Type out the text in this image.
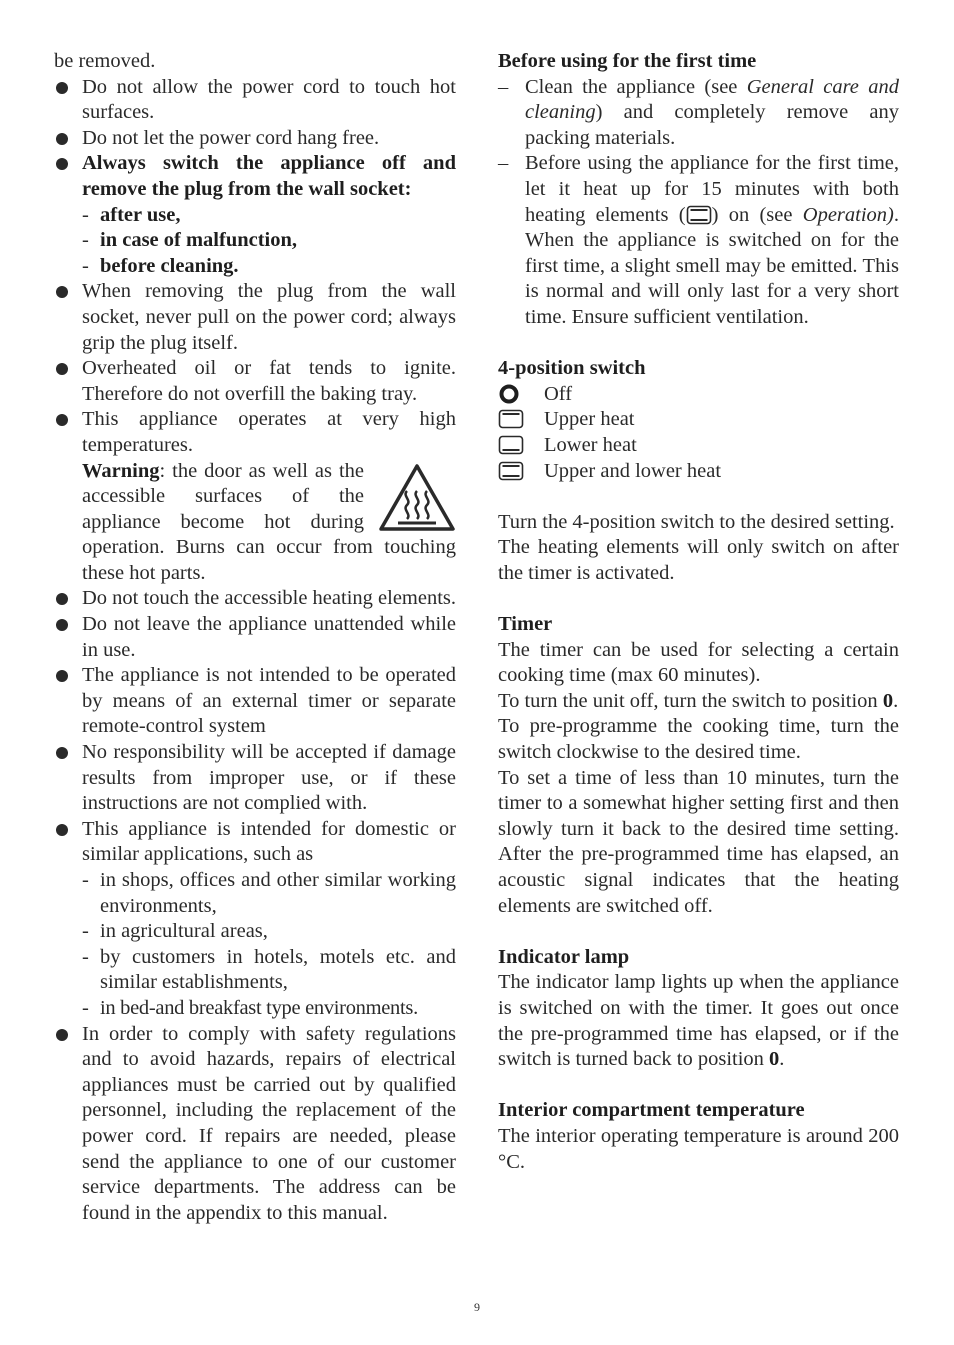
be removed.

Do not allow the power cord to touch hot surfaces.
Do not let the power cord hang free.
Always switch the appliance off and remove the plug from the wall socket:
- after use,
- in case of malfunction,
- before cleaning.
When removing the plug from the wall socket, never pull on the power cord; always grip the plug itself.
Overheated oil or fat tends to ignite. Therefore do not overfill the baking tray.
This appliance operates at very high temperatures.

Warning: the door as well as the accessible surfaces of the appliance become hot during operation. Burns can occur from touching these hot parts.

Do not touch the accessible heating elements.
Do not leave the appliance unattended while in use.
The appliance is not intended to be operated by means of an external timer or separate remote-control system
No responsibility will be accepted if damage results from improper use, or if these instructions are not complied with.
This appliance is intended for domestic or similar applications, such as
- in shops, offices and other similar working environments,
- in agricultural areas,
- by customers in hotels, motels etc. and similar establishments,
- in bed-and breakfast type environments.
In order to comply with safety regulations and to avoid hazards, repairs of electrical appliances must be carried out by qualified personnel, including the replacement of the power cord. If repairs are needed, please send the appliance to one of our customer service departments. The address can be found in the appendix to this manual.

Before using for the first time

– Clean the appliance (see General care and cleaning) and completely remove any packing materials.
– Before using the appliance for the first time, let it heat up for 15 minutes with both heating elements ( ) on (see Operation). When the appliance is switched on for the first time, a slight smell may be emitted. This is normal and will only last for a very short time. Ensure sufficient ventilation.

4-position switch

Off
Upper heat
Lower heat
Upper and lower heat

Turn the 4-position switch to the desired setting.

The heating elements will only switch on after the timer is activated.

Timer

The timer can be used for selecting a certain cooking time (max 60 minutes).

To turn the unit off, turn the switch to position 0.

To pre-programme the cooking time, turn the switch clockwise to the desired time.

To set a time of less than 10 minutes, turn the timer to a somewhat higher setting first and then slowly turn it back to the desired time setting. After the pre-programmed time has elapsed, an acoustic signal indicates that the heating elements are switched off.

Indicator lamp

The indicator lamp lights up when the appliance is switched on with the timer. It goes out once the pre-programmed time has elapsed, or if the switch is turned back to position 0.

Interior compartment temperature

The interior operating temperature is around 200 °C.

9
